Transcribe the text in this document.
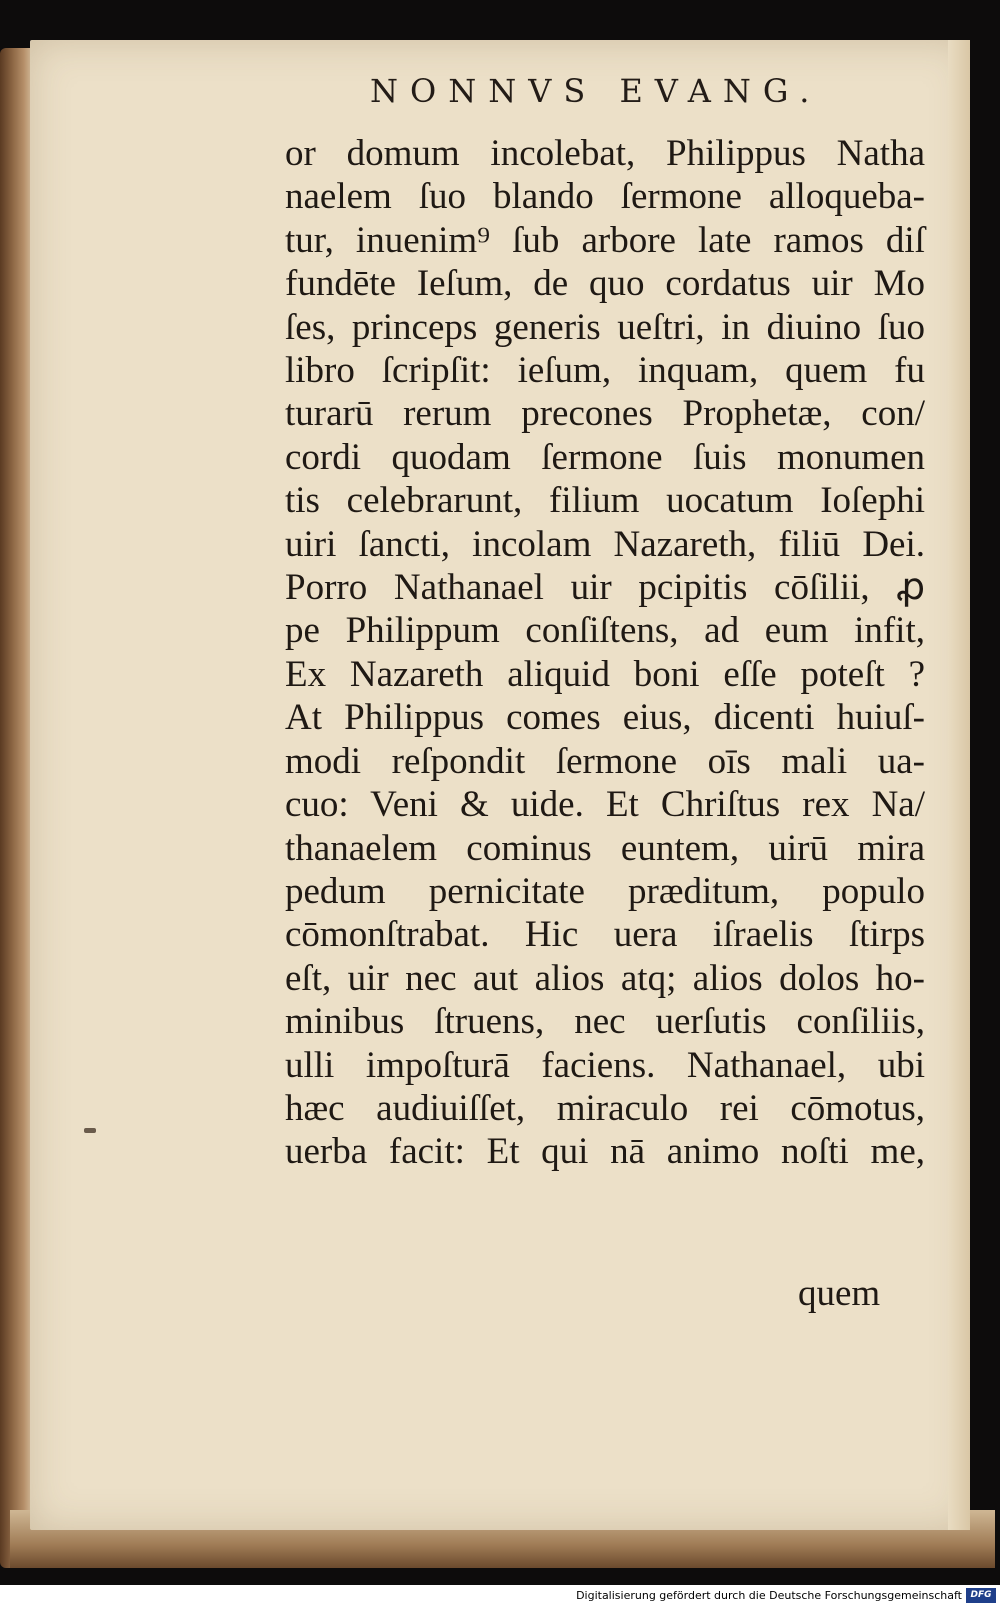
NONNVS EVANG.
or domum incolebat, Philippus Natha
naelem ſuo blando ſermone alloqueba-
tur, inuenim⁹ ſub arbore late ramos diſ
fundēte Ieſum, de quo cordatus uir Mo
ſes, princeps generis ueſtri, in diuino ſuo
libro ſcripſit: ieſum, inquam, quem fu
turarū rerum precones Prophetæ, con/
cordi quodam ſermone ſuis monumen
tis celebrarunt, filium uocatum Ioſephi
uiri ſancti, incolam Nazareth, filiū Dei.
Porro Nathanael uir pcipitis cōſilii, ꝓ
pe Philippum conſiſtens, ad eum infit,
Ex Nazareth aliquid boni eſſe poteſt ?
At Philippus comes eius, dicenti huiuſ-
modi reſpondit ſermone oīs mali ua-
cuo: Veni & uide. Et Chriſtus rex Na/
thanaelem cominus euntem, uirū mira
pedum pernicitate præditum, populo
cōmonſtrabat. Hic uera iſraelis ſtirps
eſt, uir nec aut alios atq; alios dolos ho-
minibus ſtruens, nec uerſutis conſiliis,
ulli impoſturā faciens. Nathanael, ubi
hæc audiuiſſet, miraculo rei cōmotus,
uerba facit: Et qui nā animo noſti me,
quem
Digitalisierung gefördert durch die Deutsche Forschungsgemeinschaft DFG
